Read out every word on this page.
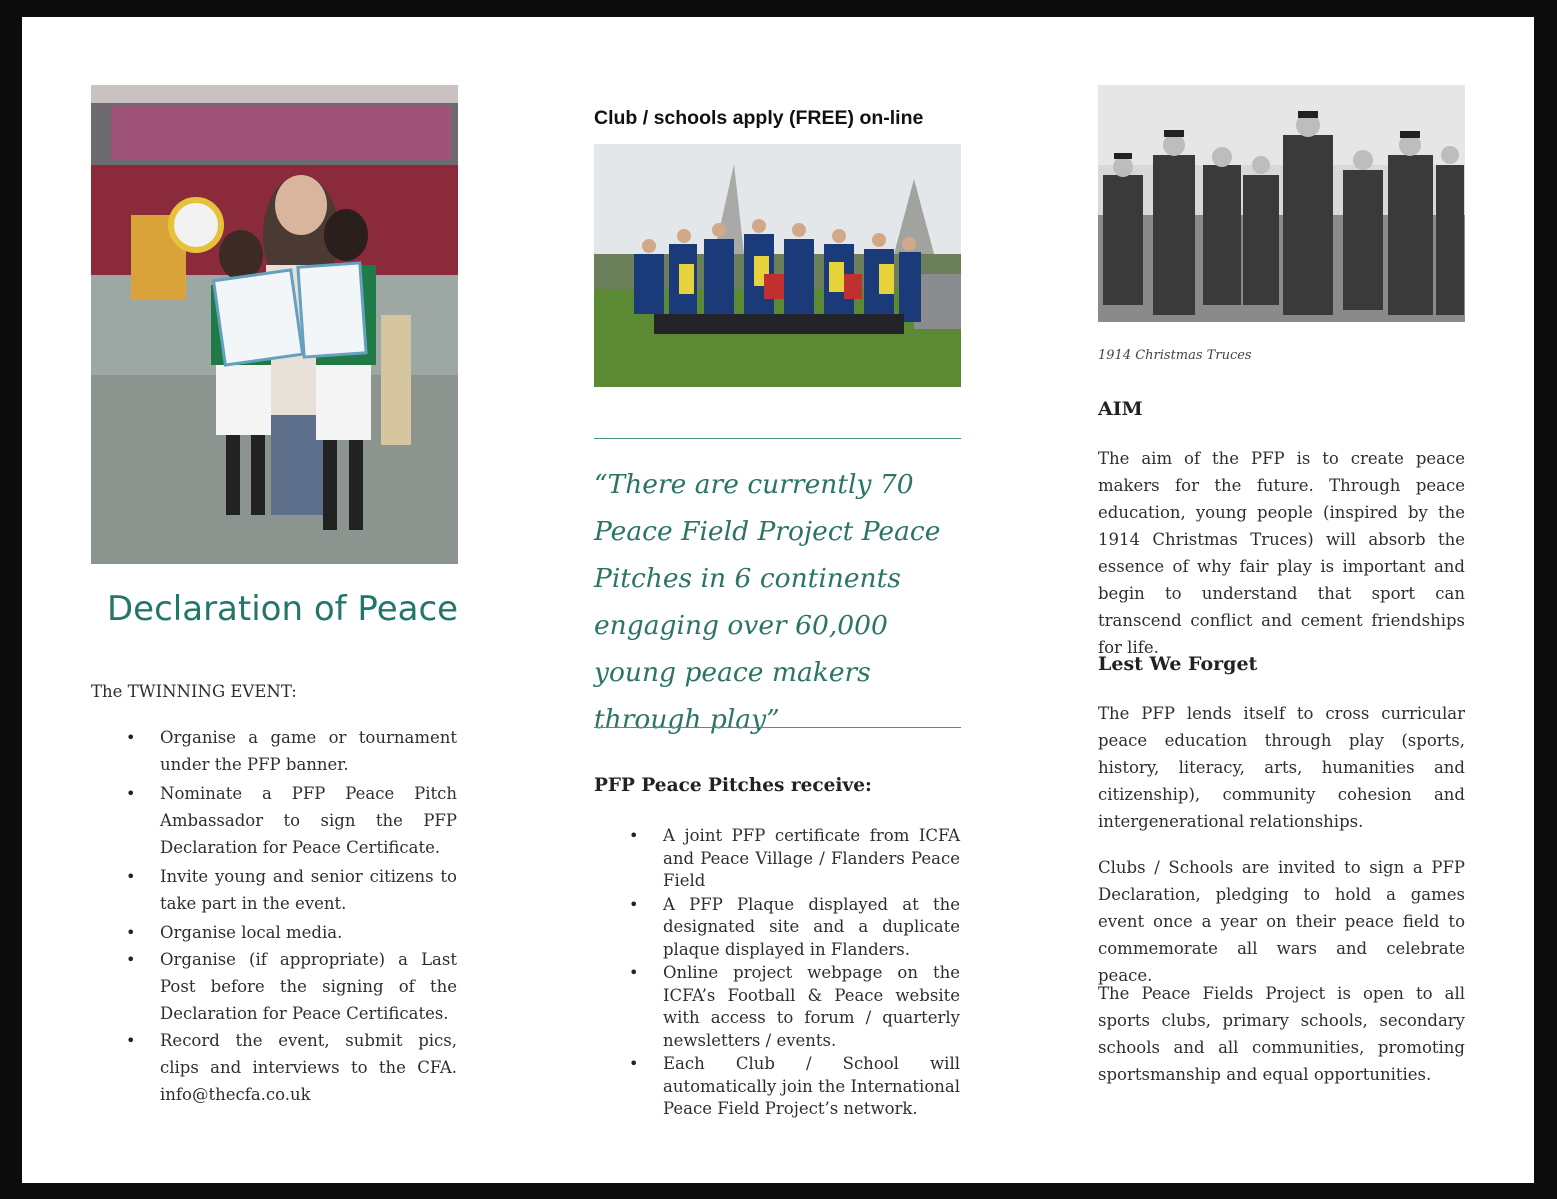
Declaration of Peace
The TWINNING EVENT:
• Organise a game or tournament under the PFP banner.
• Nominate a PFP Peace Pitch Ambassador to sign the PFP Declaration for Peace Certificate.
• Invite young and senior citizens to take part in the event.
• Organise local media.
• Organise (if appropriate) a Last Post before the signing of the Declaration for Peace Certificates.
• Record the event, submit pics, clips and interviews to the CFA. info@thecfa.co.uk
Club / schools apply (FREE) on-line
“There are currently 70 Peace Field Project Peace Pitches in 6 continents engaging over 60,000 young peace makers through play”
PFP Peace Pitches receive:
• A joint PFP certificate from ICFA and Peace Village / Flanders Peace Field
• A PFP Plaque displayed at the designated site and a duplicate plaque displayed in Flanders.
• Online project webpage on the ICFA’s Football & Peace website with access to forum / quarterly newsletters / events.
• Each Club / School will automatically join the International Peace Field Project’s network.
1914 Christmas Truces
AIM

The aim of the PFP is to create peace makers for the future. Through peace education, young people (inspired by the 1914 Christmas Truces) will absorb the essence of why fair play is important and begin to understand that sport can transcend conflict and cement friendships for life.

Lest We Forget

The PFP lends itself to cross curricular peace education through play (sports, history, literacy, arts, humanities and citizenship), community cohesion and intergenerational relationships.

Clubs / Schools are invited to sign a PFP Declaration, pledging to hold a games event once a year on their peace field to commemorate all wars and celebrate peace.

The Peace Fields Project is open to all sports clubs, primary schools, secondary schools and all communities, promoting sportsmanship and equal opportunities.
